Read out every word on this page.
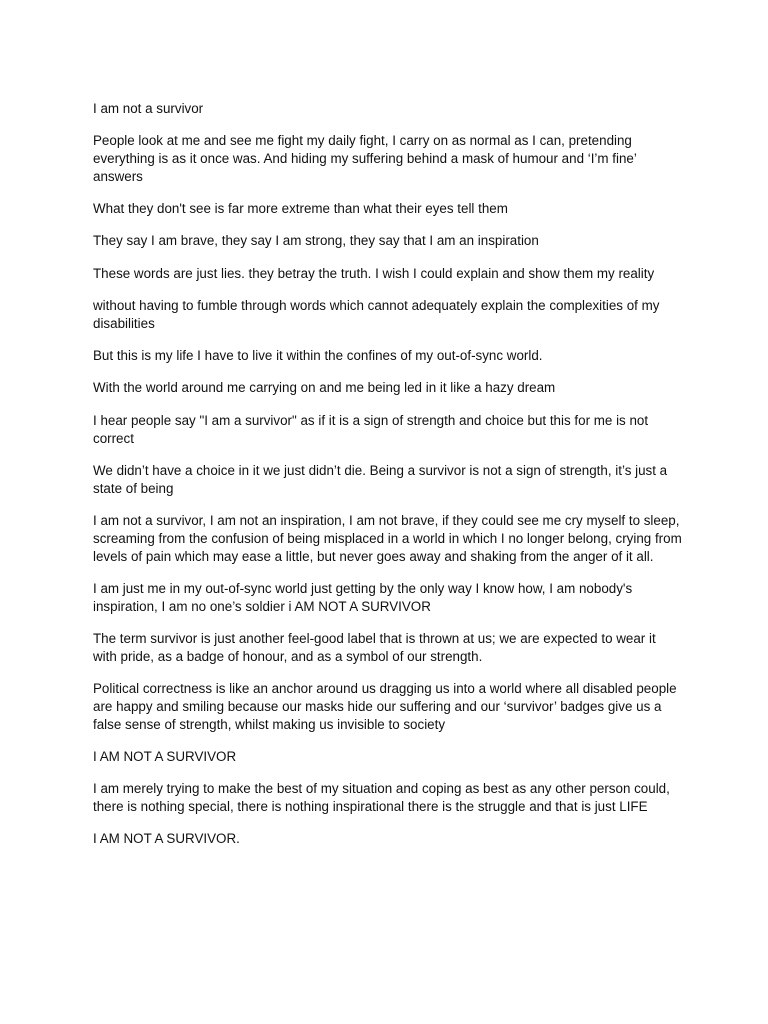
I am not a survivor

People look at me and see me fight my daily fight, I carry on as normal as I can, pretending everything is as it once was. And hiding my suffering behind a mask of humour and ‘I’m fine’ answers

What they don't see is far more extreme than what their eyes tell them

They say I am brave, they say I am strong, they say that I am an inspiration

These words are just lies. they betray the truth. I wish I could explain and show them my reality

without having to fumble through words which cannot adequately explain the complexities of my disabilities

But this is my life I have to live it within the confines of my out-of-sync world.

With the world around me carrying on and me being led in it like a hazy dream

I hear people say "I am a survivor" as if it is a sign of strength and choice but this for me is not correct

We didn’t have a choice in it we just didn’t die. Being a survivor is not a sign of strength, it’s just a state of being

I am not a survivor, I am not an inspiration, I am not brave, if they could see me cry myself to sleep, screaming from the confusion of being misplaced in a world in which I no longer belong, crying from levels of pain which may ease a little, but never goes away and shaking from the anger of it all.

I am just me in my out-of-sync world just getting by the only way I know how, I am nobody's inspiration, I am no one’s soldier i AM NOT A SURVIVOR

The term survivor is just another feel-good label that is thrown at us; we are expected to wear it with pride, as a badge of honour, and as a symbol of our strength.

Political correctness is like an anchor around us dragging us into a world where all disabled people are happy and smiling because our masks hide our suffering and our ‘survivor’ badges give us a false sense of strength, whilst making us invisible to society

I AM NOT A SURVIVOR

I am merely trying to make the best of my situation and coping as best as any other person could, there is nothing special, there is nothing inspirational there is the struggle and that is just LIFE

I AM NOT A SURVIVOR.
